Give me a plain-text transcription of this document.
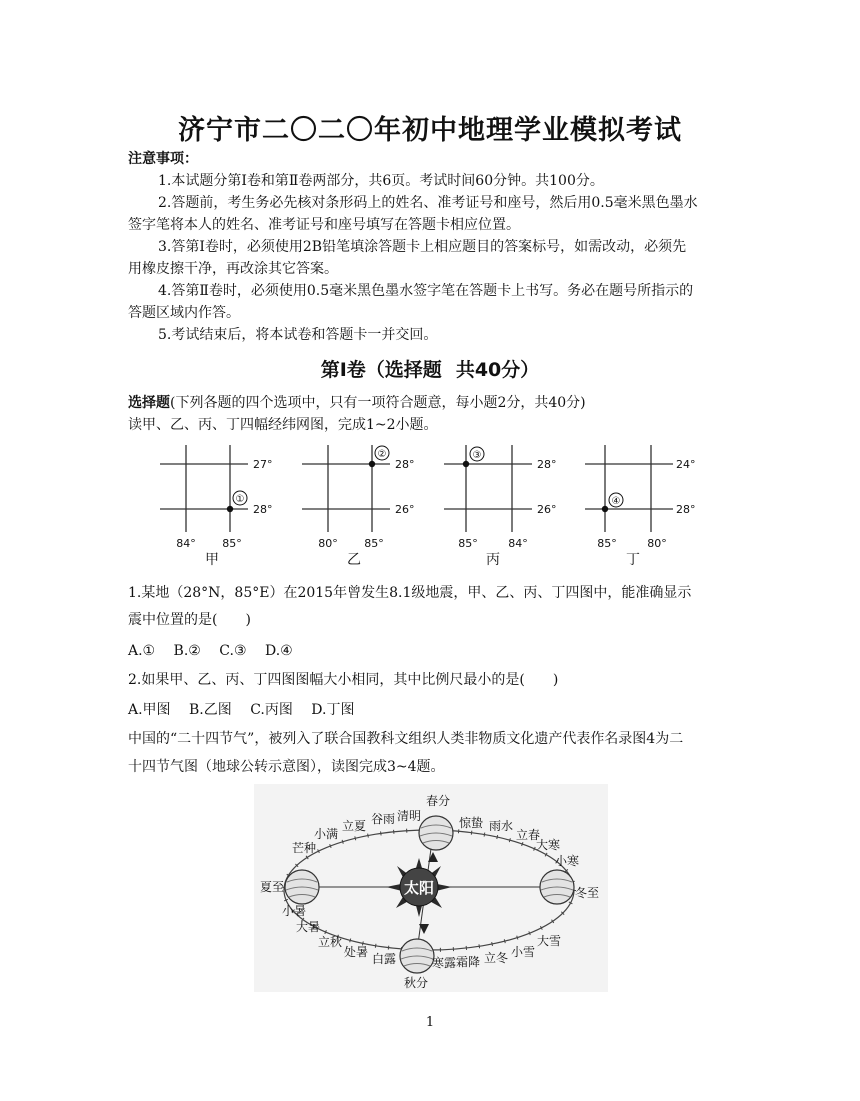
济宁市二〇二〇年初中地理学业模拟考试
注意事项：
1.本试题分第Ⅰ卷和第Ⅱ卷两部分，共6页。考试时间60分钟。共100分。
2.答题前，考生务必先核对条形码上的姓名、准考证号和座号，然后用0.5毫米黑色墨水
签字笔将本人的姓名、准考证号和座号填写在答题卡相应位置。
3.答第Ⅰ卷时，必须使用2B铅笔填涂答题卡上相应题目的答案标号，如需改动，必须先
用橡皮擦干净，再改涂其它答案。
4.答第Ⅱ卷时，必须使用0.5毫米黑色墨水签字笔在答题卡上书写。务必在题号所指示的
答题区域内作答。
5.考试结束后，将本试卷和答题卡一并交回。
第Ⅰ卷（选择题 共40分）
选择题(下列各题的四个选项中，只有一项符合题意，每小题2分，共40分)
读甲、乙、丙、丁四幅经纬网图，完成1~2小题。
①
27°
28°
84° 85°
甲
②
28°
26°
80° 85°
乙
③
28°
26°
85°	84°
丙
④
24°
28°
85°	80°
丁
1.某地（28°N，85°E）在2015年曾发生8.1级地震，甲、乙、丙、丁四图中，能准确显示
震中位置的是(　　)
A.①　 B.②　 C.③　 D.④
2.如果甲、乙、丙、丁四图图幅大小相同，其中比例尺最小的是(　　)
A.甲图　 B.乙图　 C.丙图　 D.丁图
中国的“二十四节气”，被列入了联合国教科文组织人类非物质文化遗产代表作名录图4为二
十四节气图（地球公转示意图），读图完成3~4题。
太阳
春分
惊蛰 雨水
立春
大寒
小寒
冬至
大雪
小雪
立冬
霜降
寒露
秋分
白露
处暑
立秋
大暑
小暑
夏至
芒种
小满
立夏 谷雨 清明
1
